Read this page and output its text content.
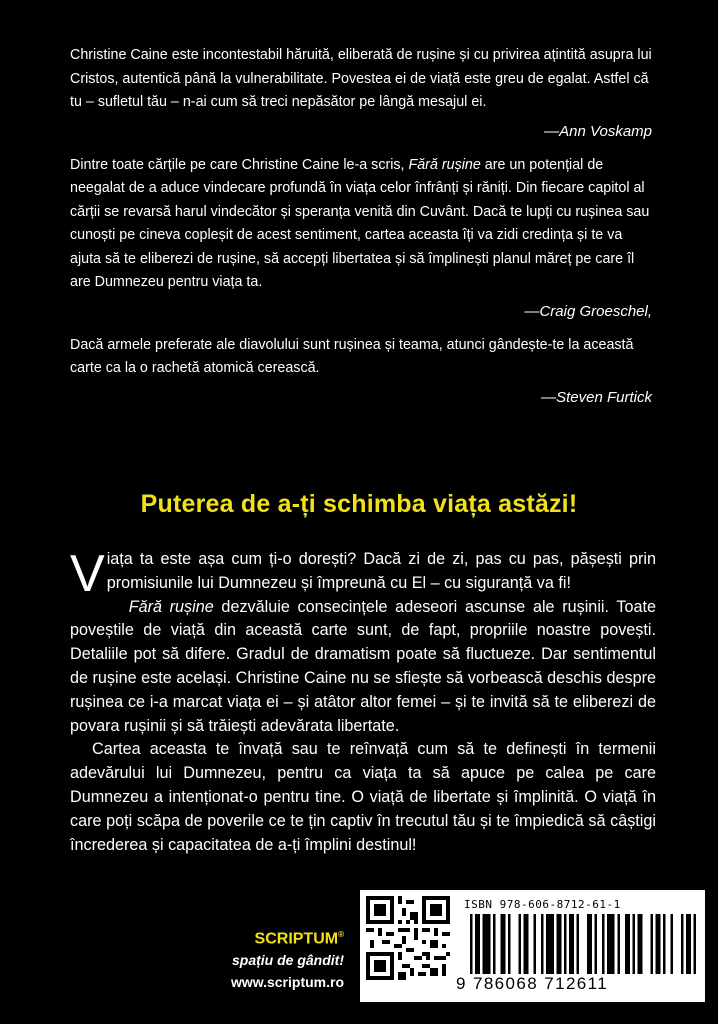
Christine Caine este incontestabil hăruită, eliberată de rușine și cu privirea ațintită asupra lui Cristos, autentică până la vulnerabilitate. Povestea ei de viață este greu de egalat. Astfel că tu – sufletul tău – n-ai cum să treci nepăsător pe lângă mesajul ei.

—Ann Voskamp

Dintre toate cărțile pe care Christine Caine le-a scris, Fără rușine are un potențial de neegalat de a aduce vindecare profundă în viața celor înfrânți și răniți. Din fiecare capitol al cărții se revarsă harul vindecător și speranța venită din Cuvânt. Dacă te lupți cu rușinea sau cunoști pe cineva copleșit de acest sentiment, cartea aceasta îți va zidi credința și te va ajuta să te eliberezi de rușine, să accepți libertatea și să împlinești planul măreț pe care îl are Dumnezeu pentru viața ta.

—Craig Groeschel,

Dacă armele preferate ale diavolului sunt rușinea și teama, atunci gândește-te la această carte ca la o rachetă atomică cerească.

—Steven Furtick
Puterea de a-ți schimba viața astăzi!

Viața ta este așa cum ți-o dorești? Dacă zi de zi, pas cu pas, pășești prin promisiunile lui Dumnezeu și împreună cu El – cu siguranță va fi!

Fără rușine dezvăluie consecințele adeseori ascunse ale rușinii. Toate poveștile de viață din această carte sunt, de fapt, propriile noastre povești. Detaliile pot să difere. Gradul de dramatism poate să fluctueze. Dar sentimentul de rușine este același. Christine Caine nu se sfiește să vorbească deschis despre rușinea ce i-a marcat viața ei – și atâtor altor femei – și te invită să te eliberezi de povara rușinii și să trăiești adevărata libertate.

Cartea aceasta te învață sau te reînvață cum să te definești în termenii adevărului lui Dumnezeu, pentru ca viața ta să apuce pe calea pe care Dumnezeu a intenționat-o pentru tine. O viață de libertate și împlinită. O viață în care poți scăpa de poverile ce te țin captiv în trecutul tău și te împiedică să câștigi încrederea și capacitatea de a-ți împlini destinul!

SCRIPTUM®
spațiu de gândit!
www.scriptum.ro
ISBN 978-606-8712-61-1
9 786068 712611
